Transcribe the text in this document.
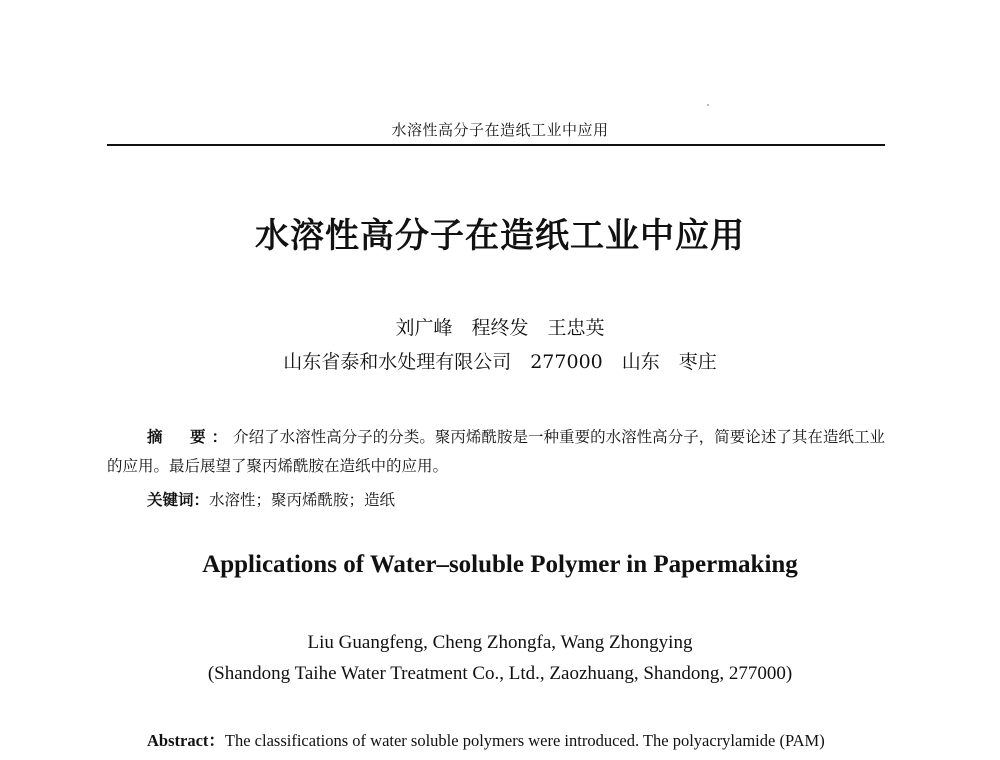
水溶性高分子在造纸工业中应用
水溶性高分子在造纸工业中应用
刘广峰　程终发　王忠英
山东省泰和水处理有限公司　277000　山东　枣庄
摘　要：介绍了水溶性高分子的分类。聚丙烯酰胺是一种重要的水溶性高分子，简要论述了其在造纸工业的应用。最后展望了聚丙烯酰胺在造纸中的应用。
关键词：水溶性；聚丙烯酰胺；造纸
Applications of Water–soluble Polymer in Papermaking
Liu Guangfeng, Cheng Zhongfa, Wang Zhongying
(Shandong Taihe Water Treatment Co., Ltd., Zaozhuang, Shandong, 277000)
Abstract：The classifications of water soluble polymers were introduced. The polyacrylamide (PAM)
